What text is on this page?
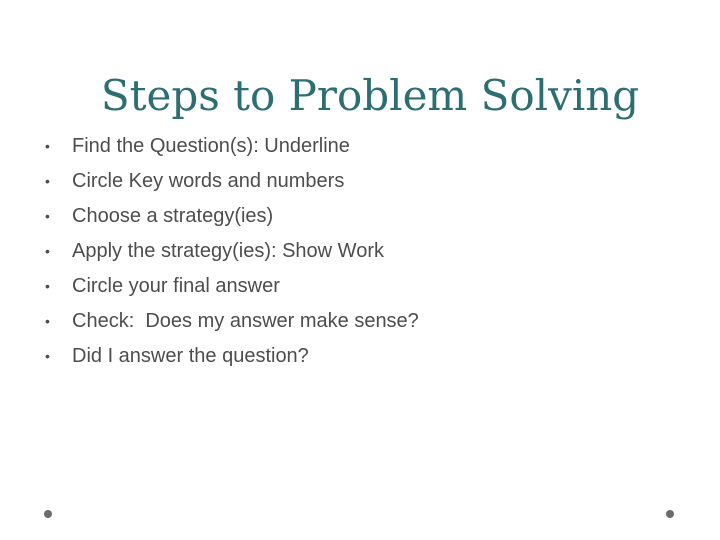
Steps to Problem Solving
• Find the Question(s): Underline
• Circle Key words and numbers
• Choose a strategy(ies)
• Apply the strategy(ies): Show Work
• Circle your final answer
• Check:  Does my answer make sense?
• Did I answer the question?
